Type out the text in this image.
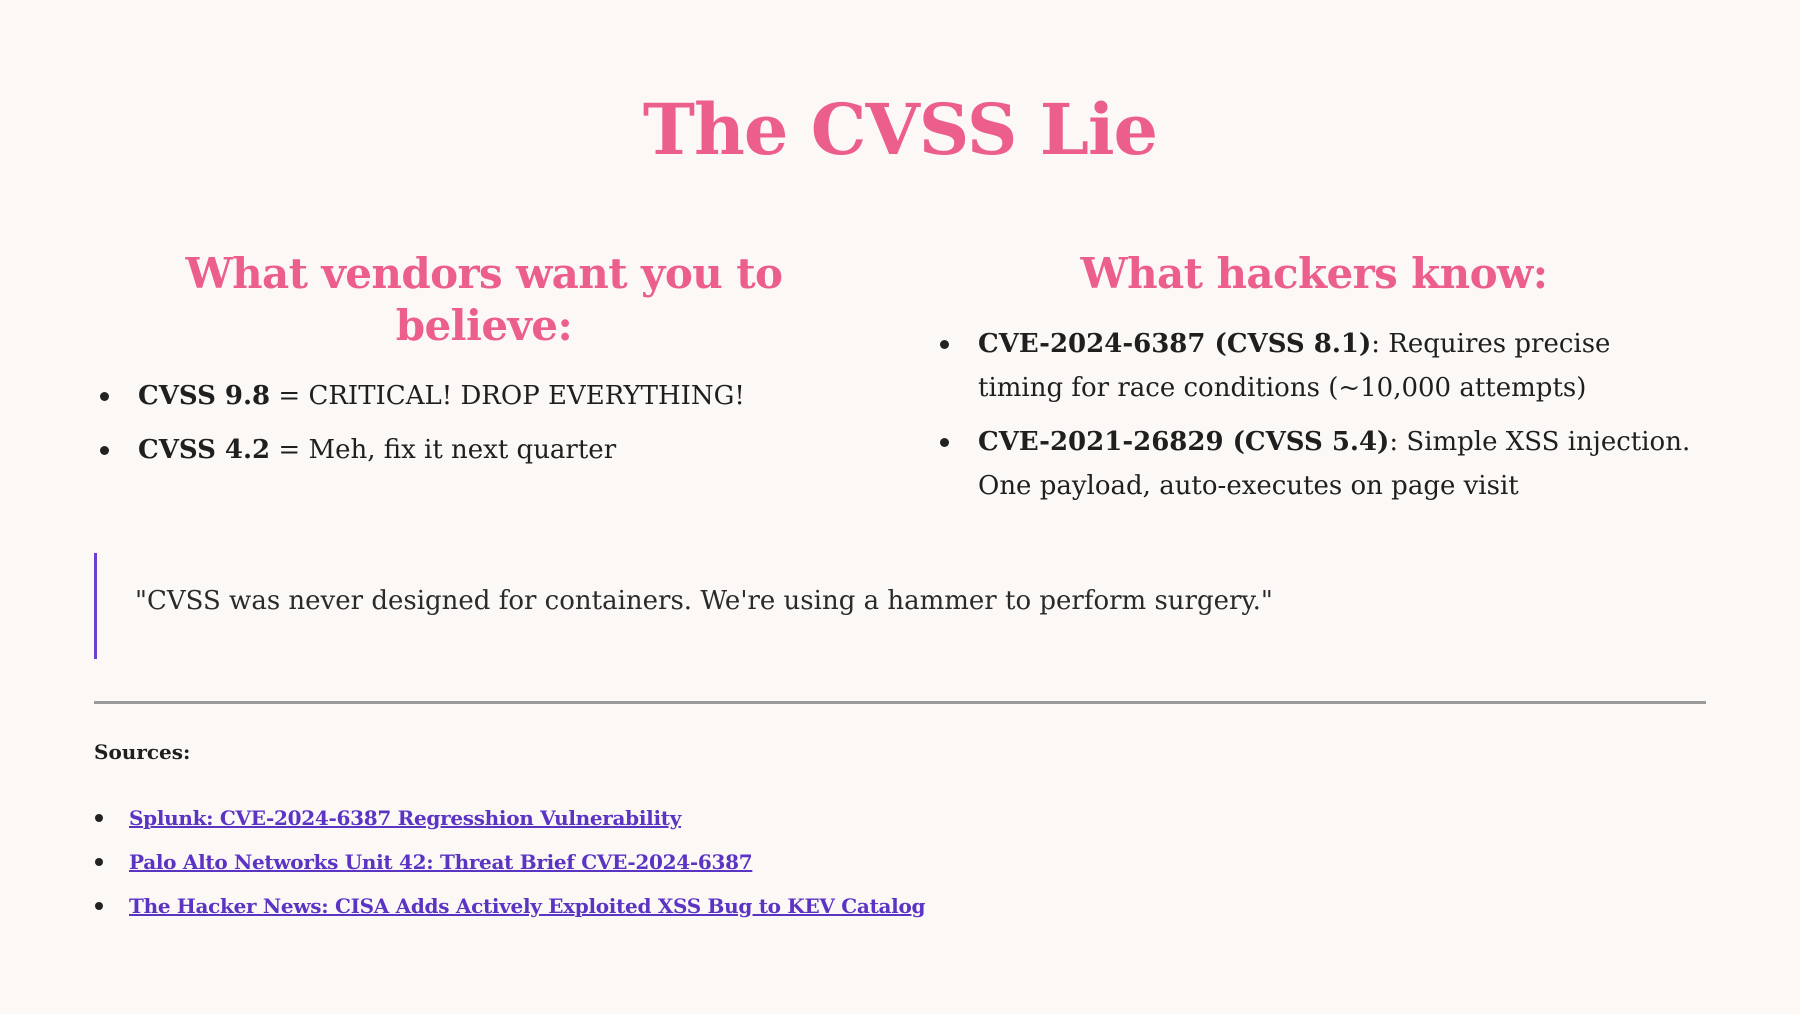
The CVSS Lie
What vendors want you to believe:
CVSS 9.8 = CRITICAL! DROP EVERYTHING!
CVSS 4.2 = Meh, fix it next quarter
What hackers know:
CVE-2024-6387 (CVSS 8.1): Requires precise timing for race conditions (~10,000 attempts)
CVE-2021-26829 (CVSS 5.4): Simple XSS injection. One payload, auto-executes on page visit
"CVSS was never designed for containers. We're using a hammer to perform surgery."
Sources:
Splunk: CVE-2024-6387 Regresshion Vulnerability
Palo Alto Networks Unit 42: Threat Brief CVE-2024-6387
The Hacker News: CISA Adds Actively Exploited XSS Bug to KEV Catalog
